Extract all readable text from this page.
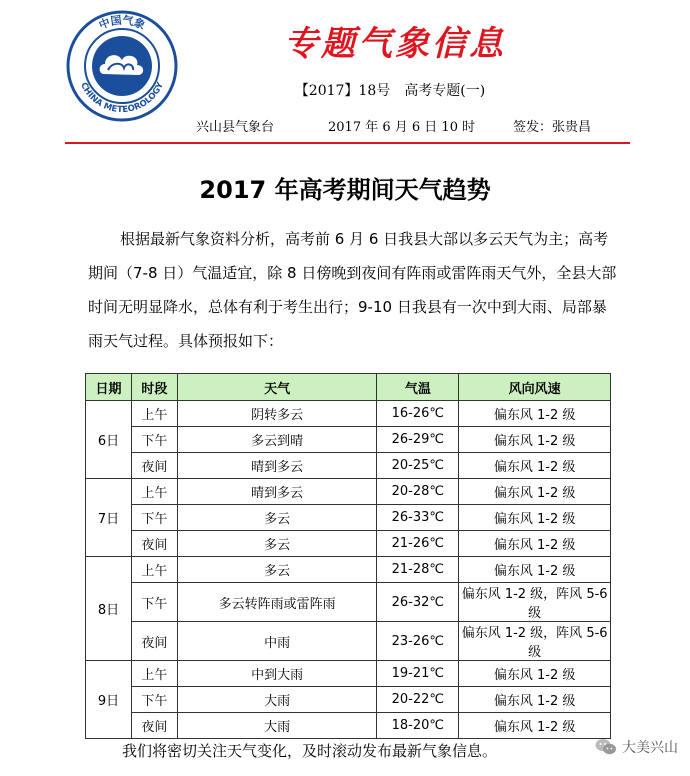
中国气象
CHINA METEOROLOGY
专题气象信息
【2017】18号 高考专题(一)
兴山县气象台	2017 年 6 月 6 日 10 时	签发：张贵昌
2017 年高考期间天气趋势
根据最新气象资料分析，高考前 6 月 6 日我县大部以多云天气为主；高考期间（7-8 日）气温适宜，除 8 日傍晚到夜间有阵雨或雷阵雨天气外，全县大部时间无明显降水，总体有利于考生出行；9-10 日我县有一次中到大雨、局部暴雨天气过程。具体预报如下：
日期	时段	天气	气温	风向风速
6日	上午	阴转多云	16-26℃	偏东风 1-2 级
	下午	多云到晴	26-29℃	偏东风 1-2 级
	夜间	晴到多云	20-25℃	偏东风 1-2 级
7日	上午	晴到多云	20-28℃	偏东风 1-2 级
	下午	多云	26-33℃	偏东风 1-2 级
	夜间	多云	21-26℃	偏东风 1-2 级
8日	上午	多云	21-28℃	偏东风 1-2 级
	下午	多云转阵雨或雷阵雨	26-32℃	偏东风 1-2 级，阵风 5-6 级
	夜间	中雨	23-26℃	偏东风 1-2 级，阵风 5-6 级
9日	上午	中到大雨	19-21℃	偏东风 1-2 级
	下午	大雨	20-22℃	偏东风 1-2 级
	夜间	大雨	18-20℃	偏东风 1-2 级
我们将密切关注天气变化，及时滚动发布最新气象信息。	大美兴山
